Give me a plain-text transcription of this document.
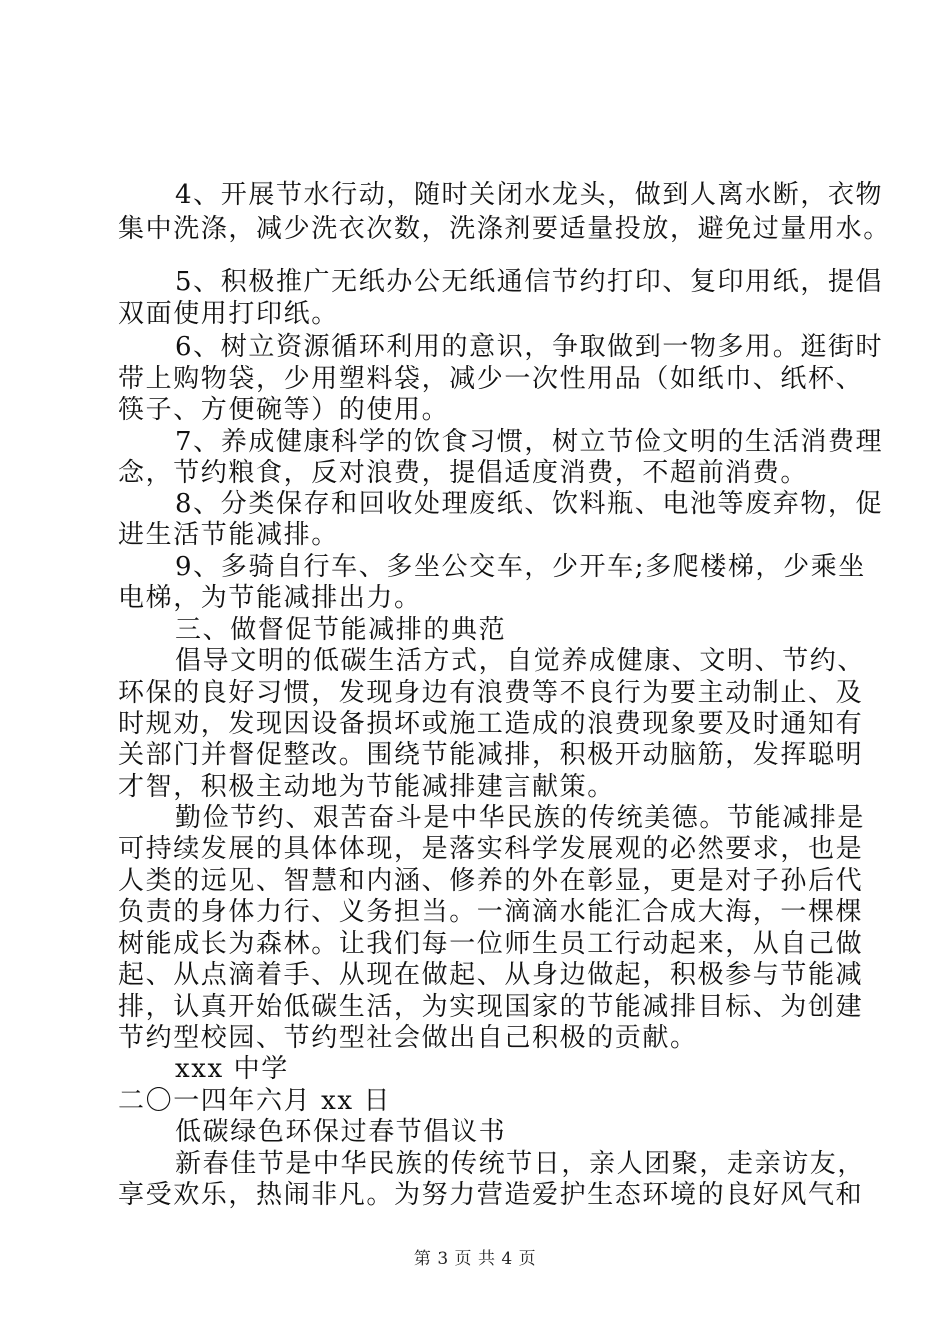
4、开展节水行动，随时关闭水龙头，做到人离水断，衣物
集中洗涤，减少洗衣次数，洗涤剂要适量投放，避免过量用水。
5、积极推广无纸办公无纸通信节约打印、复印用纸，提倡
双面使用打印纸。
6、树立资源循环利用的意识，争取做到一物多用。逛街时
带上购物袋，少用塑料袋，减少一次性用品（如纸巾、纸杯、
筷子、方便碗等）的使用。
7、养成健康科学的饮食习惯，树立节俭文明的生活消费理
念，节约粮食，反对浪费，提倡适度消费，不超前消费。
8、分类保存和回收处理废纸、饮料瓶、电池等废弃物，促
进生活节能减排。
9、多骑自行车、多坐公交车，少开车;多爬楼梯，少乘坐
电梯，为节能减排出力。
三、做督促节能减排的典范
倡导文明的低碳生活方式，自觉养成健康、文明、节约、
环保的良好习惯，发现身边有浪费等不良行为要主动制止、及
时规劝，发现因设备损坏或施工造成的浪费现象要及时通知有
关部门并督促整改。围绕节能减排，积极开动脑筋，发挥聪明
才智，积极主动地为节能减排建言献策。
勤俭节约、艰苦奋斗是中华民族的传统美德。节能减排是
可持续发展的具体体现，是落实科学发展观的必然要求，也是
人类的远见、智慧和内涵、修养的外在彰显，更是对子孙后代
负责的身体力行、义务担当。一滴滴水能汇合成大海，一棵棵
树能成长为森林。让我们每一位师生员工行动起来，从自己做
起、从点滴着手、从现在做起、从身边做起，积极参与节能减
排，认真开始低碳生活，为实现国家的节能减排目标、为创建
节约型校园、节约型社会做出自己积极的贡献。
xxx 中学
二〇一四年六月 xx 日
低碳绿色环保过春节倡议书
新春佳节是中华民族的传统节日，亲人团聚，走亲访友，
享受欢乐，热闹非凡。为努力营造爱护生态环境的良好风气和
第 3 页 共 4 页
